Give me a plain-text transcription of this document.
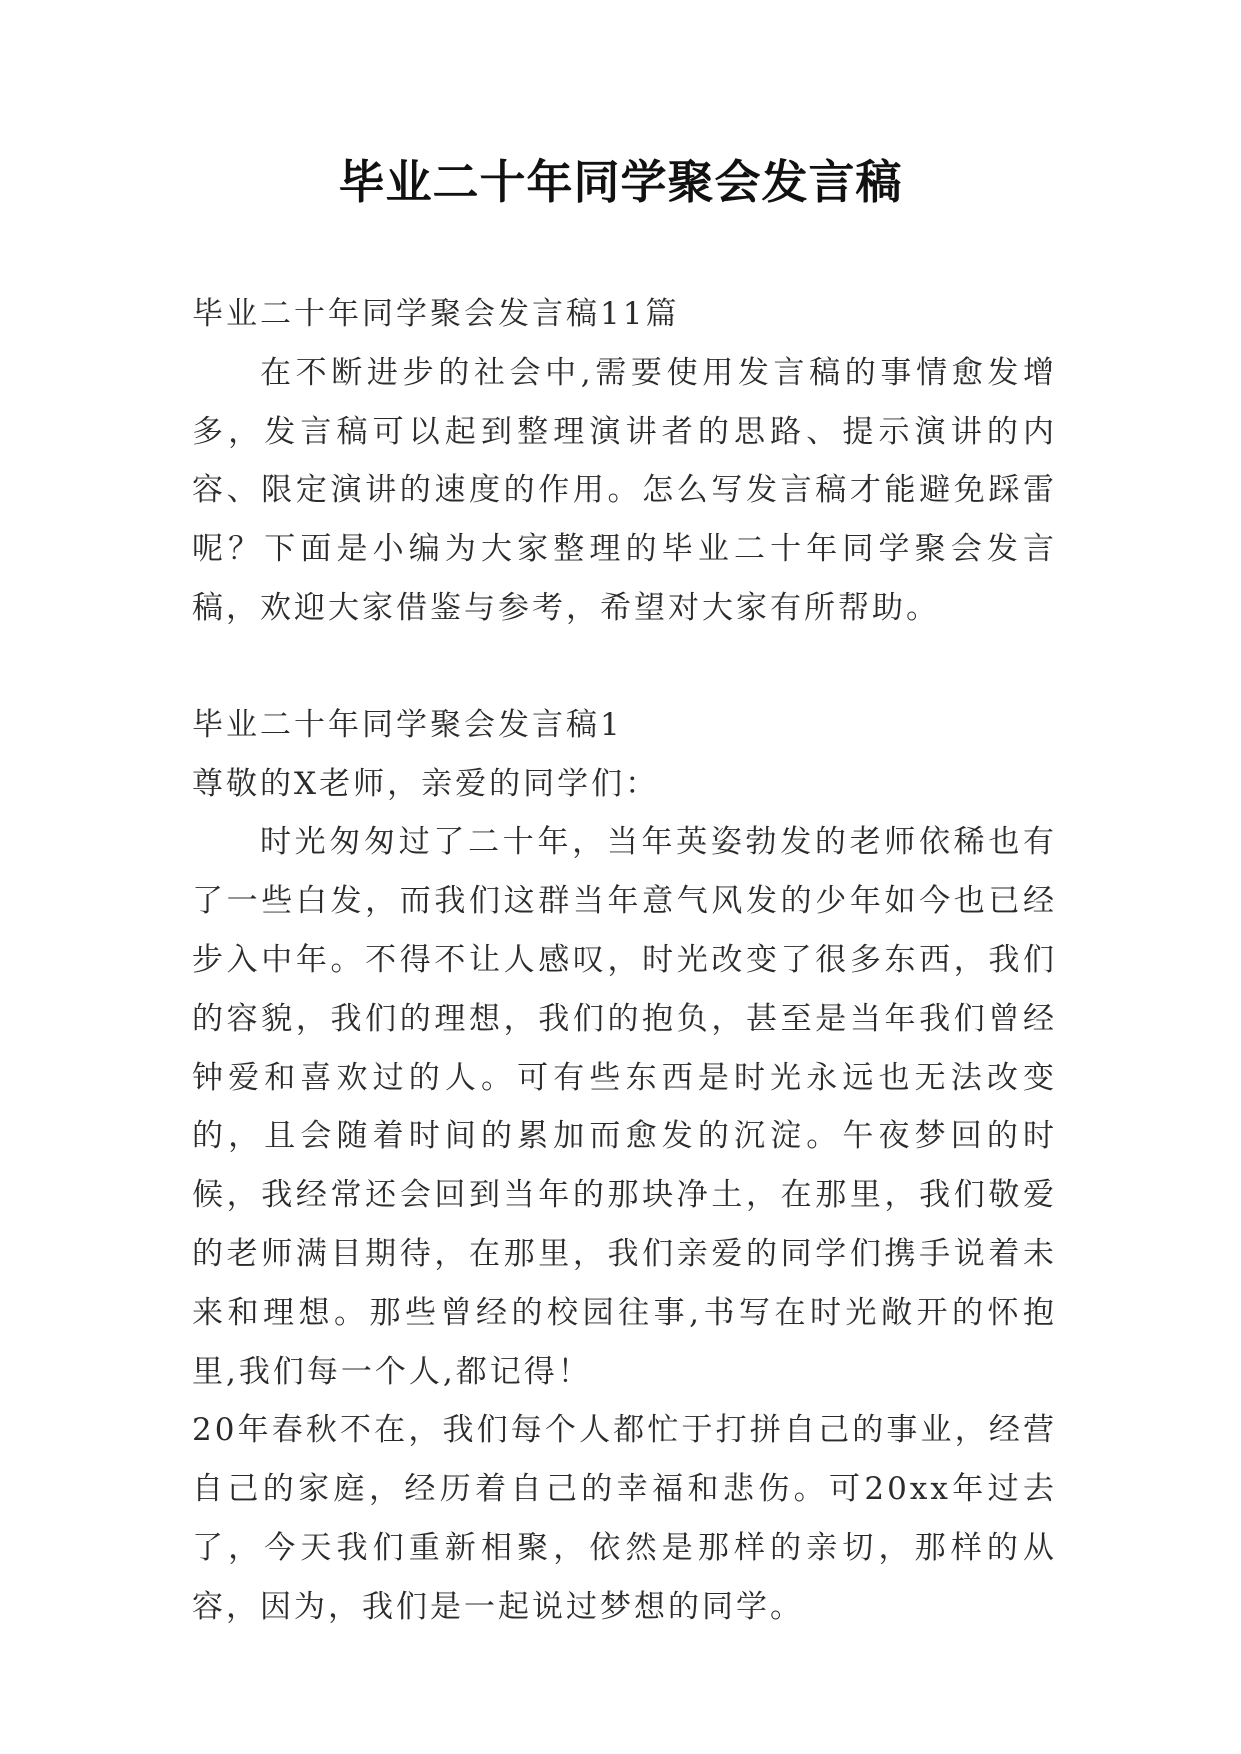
毕业二十年同学聚会发言稿

毕业二十年同学聚会发言稿11篇

在不断进步的社会中,需要使用发言稿的事情愈发增多，发言稿可以起到整理演讲者的思路、提示演讲的内容、限定演讲的速度的作用。怎么写发言稿才能避免踩雷呢？下面是小编为大家整理的毕业二十年同学聚会发言稿，欢迎大家借鉴与参考，希望对大家有所帮助。

毕业二十年同学聚会发言稿1

尊敬的X老师，亲爱的同学们：

时光匆匆过了二十年，当年英姿勃发的老师依稀也有了一些白发，而我们这群当年意气风发的少年如今也已经步入中年。不得不让人感叹，时光改变了很多东西，我们的容貌，我们的理想，我们的抱负，甚至是当年我们曾经钟爱和喜欢过的人。可有些东西是时光永远也无法改变的，且会随着时间的累加而愈发的沉淀。午夜梦回的时候，我经常还会回到当年的那块净土，在那里，我们敬爱的老师满目期待，在那里，我们亲爱的同学们携手说着未来和理想。那些曾经的校园往事,书写在时光敞开的怀抱里,我们每一个人,都记得！

20年春秋不在，我们每个人都忙于打拼自己的事业，经营自己的家庭，经历着自己的幸福和悲伤。可20xx年过去了，今天我们重新相聚，依然是那样的亲切，那样的从容，因为，我们是一起说过梦想的同学。
